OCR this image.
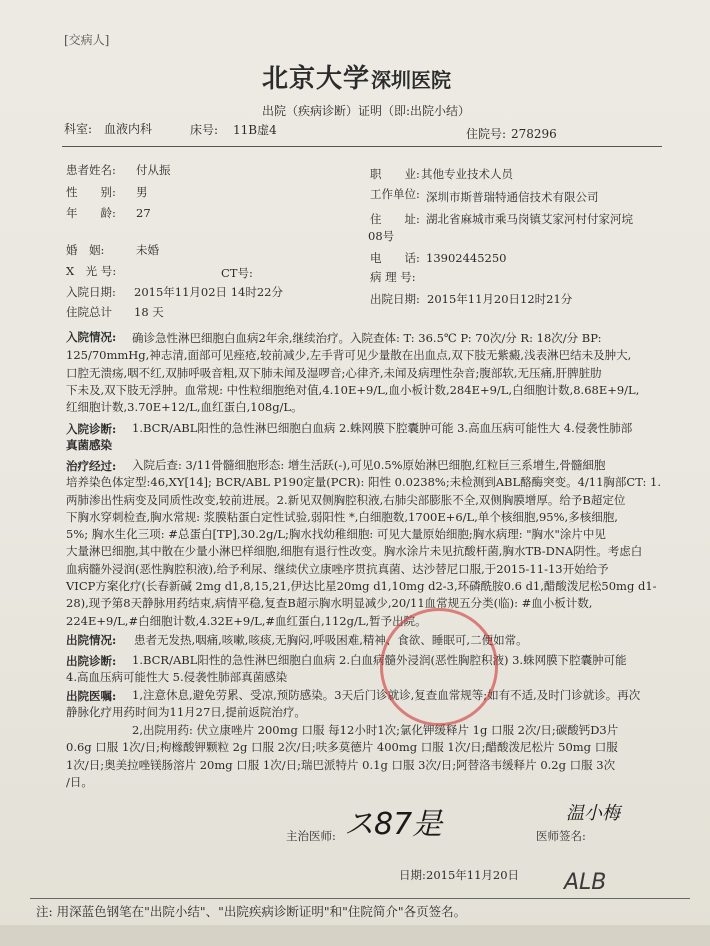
[交病人]
北京大学 深圳医院
出院（疾病诊断）证明（即:出院小结）
科室: 血液内科	床号: 11B虚4	住院号: 278296
患者姓名: 付从振
性　　别: 男
年　　龄: 27
婚　姻:	未婚
X　光 号:	CT号:
入院日期: 2015年11月02日 14时22分
住院总计 18 天
职　　业: 其他专业技术人员
工作单位: 深圳市斯普瑞特通信技术有限公司
住　　址: 湖北省麻城市乘马岗镇艾家河村付家河垸
08号
电　　话: 13902445250
病 理 号:
出院日期: 2015年11月20日12时21分
入院情况:	确诊急性淋巴细胞白血病2年余,继续治疗。入院查体: T: 36.5℃ P: 70次/分 R: 18次/分 BP:
125/70mmHg,神志清,面部可见痤疮,较前减少,左手背可见少量散在出血点,双下肢无紫癜,浅表淋巴结未及肿大,
口腔无溃疡,咽不红,双肺呼吸音粗,双下肺未闻及湿啰音;心律齐,未闻及病理性杂音;腹部软,无压痛,肝脾脏肋
下未及,双下肢无浮肿。血常规: 中性粒细胞绝对值,4.10E+9/L,血小板计数,284E+9/L,白细胞计数,8.68E+9/L,
红细胞计数,3.70E+12/L,血红蛋白,108g/L。
入院诊断:	1.BCR/ABL阳性的急性淋巴细胞白血病 2.蛛网膜下腔囊肿可能 3.高血压病可能性大 4.侵袭性肺部
真菌感染
治疗经过:	入院后查: 3/11骨髓细胞形态: 增生活跃(-),可见0.5%原始淋巴细胞,红粒巨三系增生,骨髓細胞
培养染色体定型:46,XY[14]; BCR/ABL P190定量(PCR): 阳性 0.0238%;未检测到ABL酪酶突变。4/11胸部CT: 1.
两肺渗出性病变及同质性改变,较前进展。2.新见双侧胸腔积液,右肺尖部膨胀不全,双侧胸膜增厚。给予B超定位
下胸水穿刺检查,胸水常规: 浆膜粘蛋白定性试验,弱阳性 *,白细胞数,1700E+6/L,单个核细胞,95%,多核细胞,
5%; 胸水生化三项: #总蛋白[TP],30.2g/L;胸水找幼稚细胞: 可见大量原始细胞;胸水病理: "胸水"涂片中见
大量淋巴细胞,其中散在少量小淋巴样细胞,细胞有退行性改变。胸水涂片未见抗酸杆菌,胸水TB-DNA阴性。考虑白
血病髓外浸润(恶性胸腔积液),给予利尿、继续伏立康唑序贯抗真菌、达沙替尼口服,于2015-11-13开始给予
VICP方案化疗(长春新碱 2mg d1,8,15,21,伊达比星20mg d1,10mg d2-3,环磷酰胺0.6 d1,醋酸泼尼松50mg d1-
28),现予第8天静脉用药结束,病情平稳,复查B超示胸水明显减少,20/11血常规五分类(临): #血小板计数,
224E+9/L,#白细胞计数,4.32E+9/L,#血红蛋白,112g/L,暂予出院。
出院情况: 患者无发热,咽痛,咳嗽,咳痰,无胸闷,呼吸困难,精神、食欲、睡眠可,二便如常。
出院诊断:	1.BCR/ABL阳性的急性淋巴细胞白血病 2.白血病髓外浸润(恶性胸腔积液) 3.蛛网膜下腔囊肿可能
4.高血压病可能性大 5.侵袭性肺部真菌感染
出院医嘱:	1,注意休息,避免劳累、受凉,预防感染。3天后门诊就诊,复查血常规等;如有不适,及时门诊就诊。再次
静脉化疗用药时间为11月27日,提前返院治疗。
2,出院用药: 伏立康唑片 200mg 口服 每12小时1次;氯化钾缓释片 1g 口服 2次/日;碳酸钙D3片
0.6g 口服 1次/日;枸橼酸钾颗粒 2g 口服 2次/日;呋多莫德片 400mg 口服 1次/日;醋酸泼尼松片 50mg 口服
1次/日;奥美拉唑镁肠溶片 20mg 口服 1次/日;瑞巴派特片 0.1g 口服 3次/日;阿替洛韦缓释片 0.2g 口服 3次
/日。
主治医师: ス87是	医师签名:
温小梅
日期: 2015年11月20日 ALB
注: 用深蓝色钢笔在"出院小结"、"出院疾病诊断证明"和"住院简介"各页签名。
